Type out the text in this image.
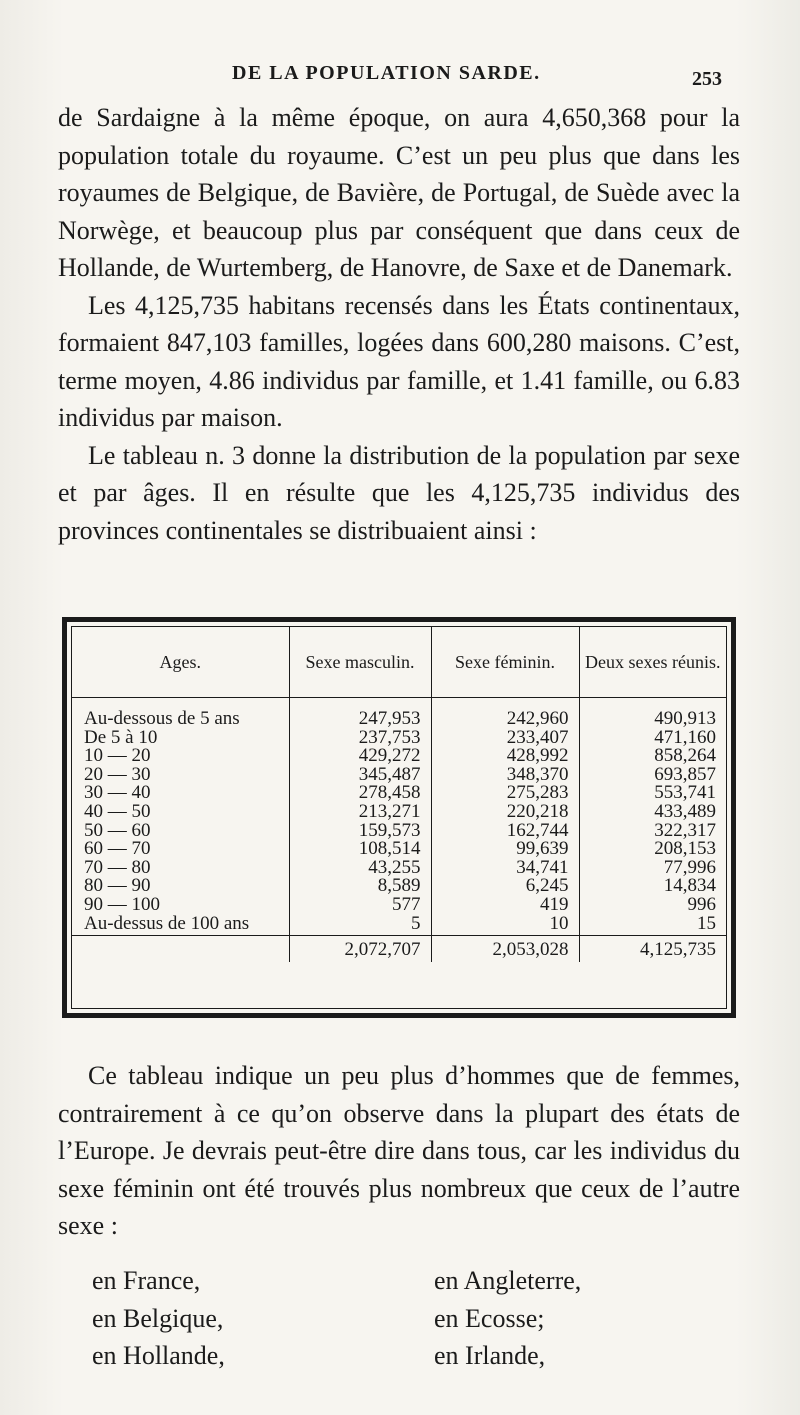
DE LA POPULATION SARDE.	253

de Sardaigne à la même époque, on aura 4,650,368 pour la population totale du royaume. C’est un peu plus que dans les royaumes de Belgique, de Bavière, de Portugal, de Suède avec la Norwège, et beaucoup plus par conséquent que dans ceux de Hollande, de Wurtemberg, de Hanovre, de Saxe et de Danemark.

Les 4,125,735 habitans recensés dans les États continentaux, formaient 847,103 familles, logées dans 600,280 maisons. C’est, terme moyen, 4.86 individus par famille, et 1.41 famille, ou 6.83 individus par maison.

Le tableau n. 3 donne la distribution de la population par sexe et par âges. Il en résulte que les 4,125,735 individus des provinces continentales se distribuaient ainsi :

Ages.	Sexe masculin.	Sexe féminin.	Deux sexes réunis.
Au-dessous de 5 ans	247,953	242,960	490,913
De 5 à 10	237,753	233,407	471,160
10 — 20	429,272	428,992	858,264
20 — 30	345,487	348,370	693,857
30 — 40	278,458	275,283	553,741
40 — 50	213,271	220,218	433,489
50 — 60	159,573	162,744	322,317
60 — 70	108,514	99,639	208,153
70 — 80	43,255	34,741	77,996
80 — 90	8,589	6,245	14,834
90 — 100	577	419	996
Au-dessus de 100 ans	5	10	15

	2,072,707	2,053,028	4,125,735

Ce tableau indique un peu plus d’hommes que de femmes, contrairement à ce qu’on observe dans la plupart des états de l’Europe. Je devrais peut-être dire dans tous, car les individus du sexe féminin ont été trouvés plus nombreux que ceux de l’autre sexe :

en France,	en Angleterre,
en Belgique,	en Ecosse;
en Hollande,	en Irlande,
